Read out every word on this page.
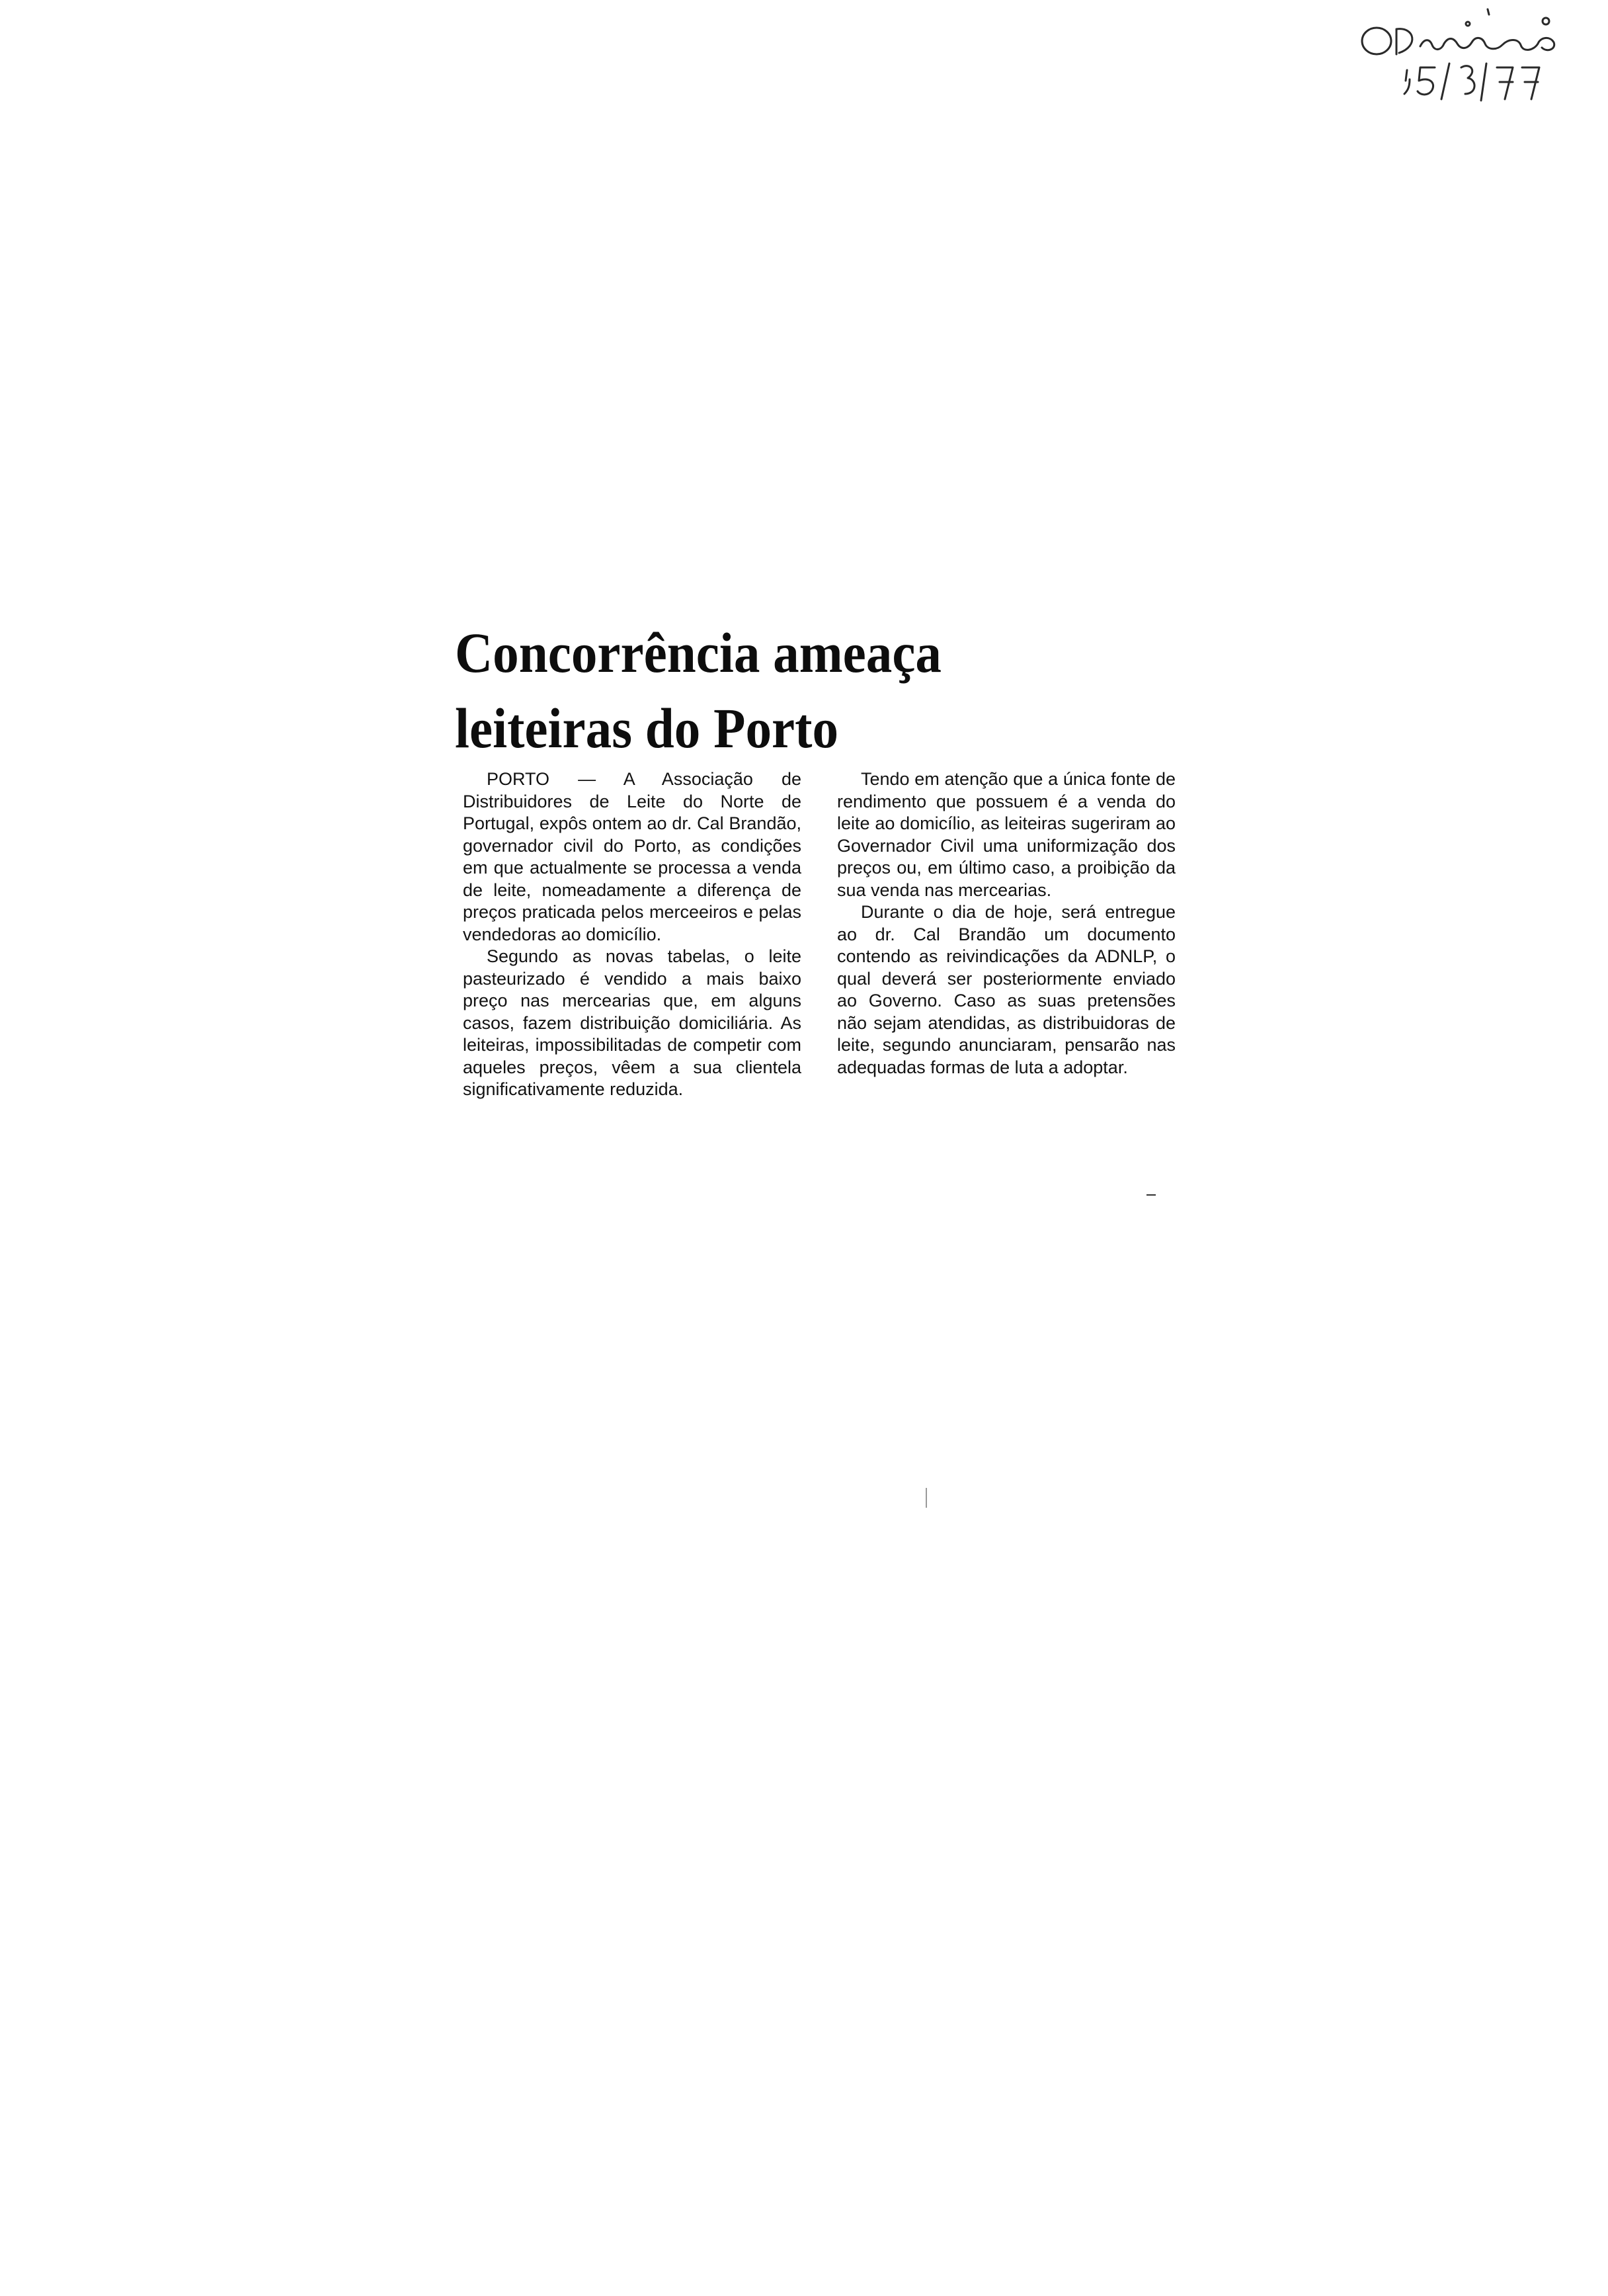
Concorrência ameaça
leiteiras do Porto

PORTO — A Associação de Distribuidores de Leite do Norte de Portugal, expôs ontem ao dr. Cal Brandão, governador civil do Porto, as condições em que actualmente se processa a venda de leite, nomeadamente a diferença de preços praticada pelos merceeiros e pelas vendedoras ao domicílio.

Segundo as novas tabelas, o leite pasteurizado é vendido a mais baixo preço nas mercearias que, em alguns casos, fazem distribuição domiciliária. As leiteiras, impossibilitadas de competir com aqueles preços, vêem a sua clientela significativamente reduzida.

Tendo em atenção que a única fonte de rendimento que possuem é a venda do leite ao domicílio, as leiteiras sugeriram ao Governador Civil uma uniformização dos preços ou, em último caso, a proibição da sua venda nas mercearias.

Durante o dia de hoje, será entregue ao dr. Cal Brandão um documento contendo as reivindicações da ADNLP, o qual deverá ser posteriormente enviado ao Governo. Caso as suas pretensões não sejam atendidas, as distribuidoras de leite, segundo anunciaram, pensarão nas adequadas formas de luta a adoptar.
